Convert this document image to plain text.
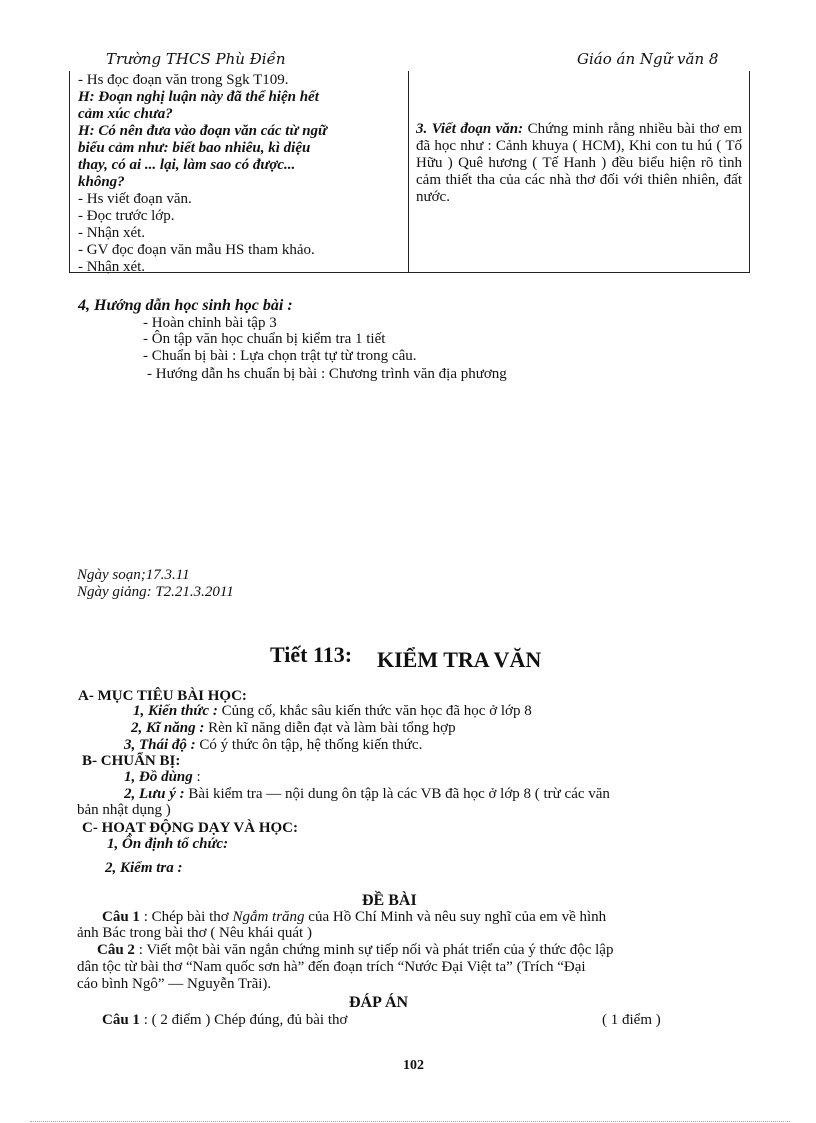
Trường THCS Phù Điền	Giáo án Ngữ văn 8
- Hs đọc đoạn văn trong Sgk T109.
H: Đoạn nghị luận này đã thể hiện hết
cảm xúc chưa?
H: Có nên đưa vào đoạn văn các từ ngữ
biểu cảm như: biết bao nhiêu, kì diệu
thay, có ai ... lại, làm sao có được...
không?
- Hs viết đoạn văn.
- Đọc trước lớp.
- Nhận xét.
- GV đọc đoạn văn mẫu HS tham khảo.
- Nhận xét.
3. Viết đoạn văn: Chứng minh rằng nhiều bài thơ em đã học như : Cảnh khuya ( HCM), Khi con tu hú ( Tố Hữu ) Quê hương ( Tế Hanh ) đều biểu hiện rõ tình cảm thiết tha của các nhà thơ đối với thiên nhiên, đất nước.
4, Hướng dẫn học sinh học bài :
- Hoàn chỉnh bài tập 3
- Ôn tập văn học chuẩn bị kiểm tra 1 tiết
- Chuẩn bị bài : Lựa chọn trật tự từ trong câu.
- Hướng dẫn hs chuẩn bị bài : Chương trình văn địa phương
Ngày soạn;17.3.11
Ngày giảng: T2.21.3.2011
Tiết 113: KIỂM TRA VĂN
A- MỤC TIÊU BÀI HỌC:
1, Kiến thức : Củng cố, khắc sâu kiến thức văn học đã học ở lớp 8
2, Kĩ năng : Rèn kĩ năng diễn đạt và làm bài tổng hợp
3, Thái độ : Có ý thức ôn tập, hệ thống kiến thức.
B- CHUẨN BỊ:
1, Đồ dùng :
2, Lưu ý : Bài kiểm tra — nội dung ôn tập là các VB đã học ở lớp 8 ( trừ các văn
bản nhật dụng )
C- HOẠT ĐỘNG DẠY VÀ HỌC:
1, Ổn định tổ chức:
2, Kiểm tra :
ĐỀ BÀI
Câu 1 : Chép bài thơ Ngắm trăng của Hồ Chí Minh và nêu suy nghĩ của em về hình
ảnh Bác trong bài thơ ( Nêu khái quát )
Câu 2 : Viết một bài văn ngắn chứng minh sự tiếp nối và phát triển của ý thức độc lập
dân tộc từ bài thơ “Nam quốc sơn hà” đến đoạn trích “Nước Đại Việt ta” (Trích “Đại
cáo bình Ngô” — Nguyễn Trãi).
ĐÁP ÁN
Câu 1 : ( 2 điểm ) Chép đúng, đủ bài thơ	( 1 điểm )
102
